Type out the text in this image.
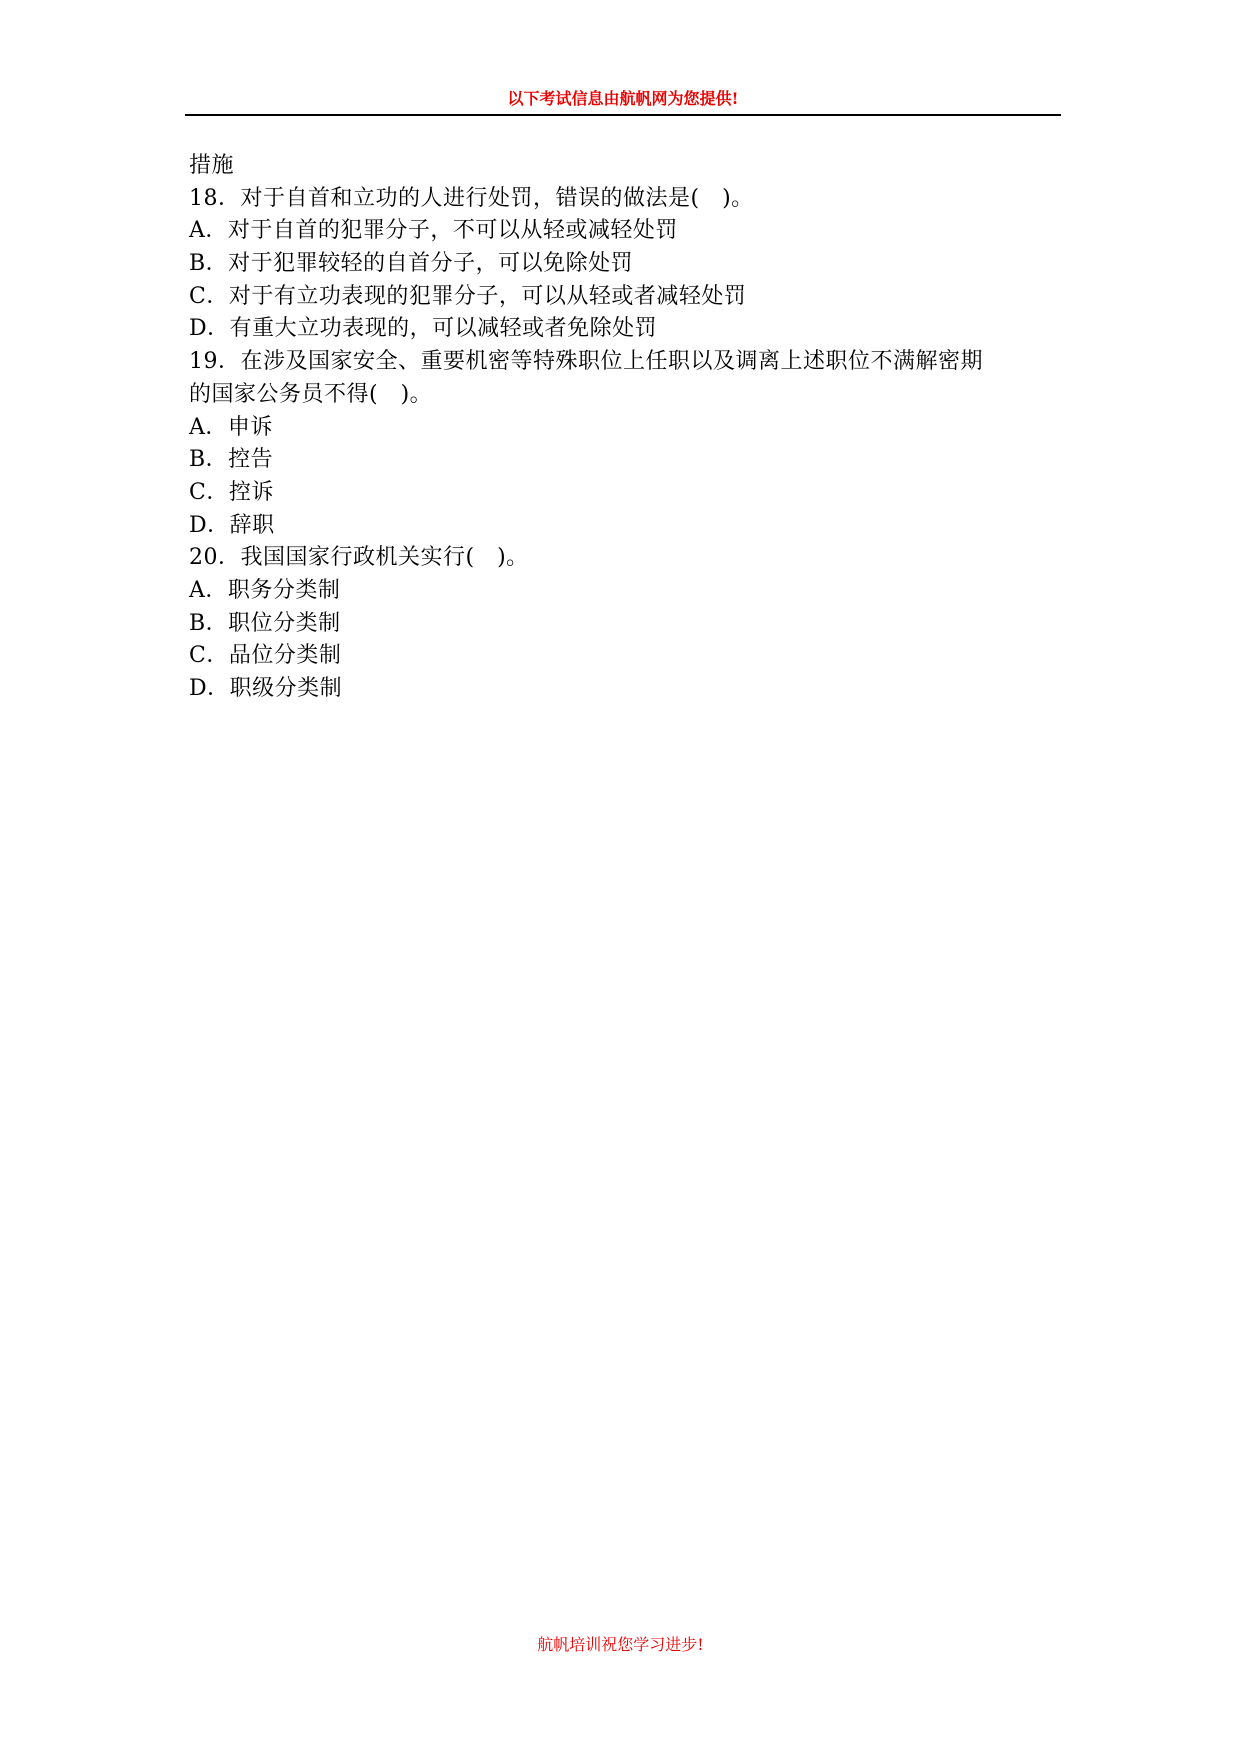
以下考试信息由航帆网为您提供!
措施
18．对于自首和立功的人进行处罚，错误的做法是(　)。
A．对于自首的犯罪分子，不可以从轻或减轻处罚
B．对于犯罪较轻的自首分子，可以免除处罚
C．对于有立功表现的犯罪分子，可以从轻或者减轻处罚
D．有重大立功表现的，可以减轻或者免除处罚
19．在涉及国家安全、重要机密等特殊职位上任职以及调离上述职位不满解密期
的国家公务员不得(　)。
A．申诉
B．控告
C．控诉
D．辞职
20．我国国家行政机关实行(　)。
A．职务分类制
B．职位分类制
C．品位分类制
D．职级分类制
航帆培训祝您学习进步!
